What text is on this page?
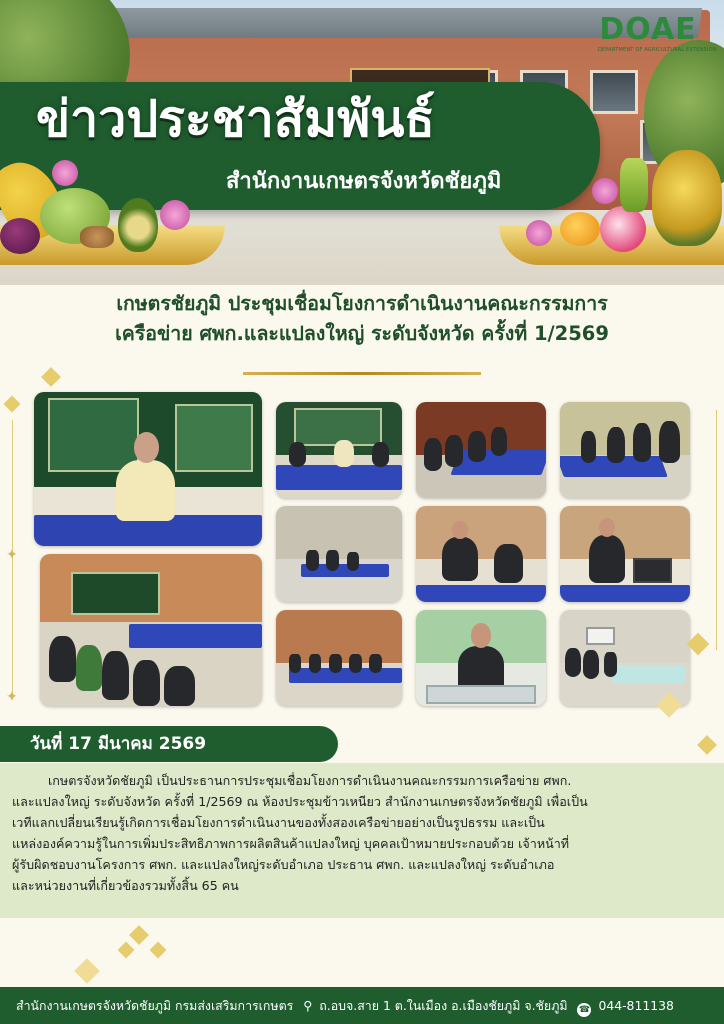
ข่าวประชาสัมพันธ์
สำนักงานเกษตรจังหวัดชัยภูมิ
DOAE
DEPARTMENT OF AGRICULTURAL EXTENSION
เกษตรชัยภูมิ ประชุมเชื่อมโยงการดำเนินงานคณะกรรมการ
เครือข่าย ศพก.และแปลงใหญ่ ระดับจังหวัด ครั้งที่ 1/2569
✦
✦
วันที่ 17 มีนาคม 2569
เกษตรจังหวัดชัยภูมิ เป็นประธานการประชุมเชื่อมโยงการดำเนินงานคณะกรรมการเครือข่าย ศพก.
และแปลงใหญ่ ระดับจังหวัด ครั้งที่ 1/2569 ณ ห้องประชุมข้าวเหนียว สำนักงานเกษตรจังหวัดชัยภูมิ เพื่อเป็น
เวทีแลกเปลี่ยนเรียนรู้เกิดการเชื่อมโยงการดำเนินงานของทั้งสองเครือข่ายอย่างเป็นรูปธรรม และเป็น
แหล่งองค์ความรู้ในการเพิ่มประสิทธิภาพการผลิตสินค้าแปลงใหญ่ บุคคลเป้าหมายประกอบด้วย เจ้าหน้าที่
ผู้รับผิดชอบงานโครงการ ศพก. และแปลงใหญ่ระดับอำเภอ ประธาน ศพก. และแปลงใหญ่ ระดับอำเภอ
และหน่วยงานที่เกี่ยวข้องรวมทั้งสิ้น 65 คน
สำนักงานเกษตรจังหวัดชัยภูมิ กรมส่งเสริมการเกษตร ⚲ ถ.อบจ.สาย 1 ต.ในเมือง อ.เมืองชัยภูมิ จ.ชัยภูมิ ☎ 044-811138
